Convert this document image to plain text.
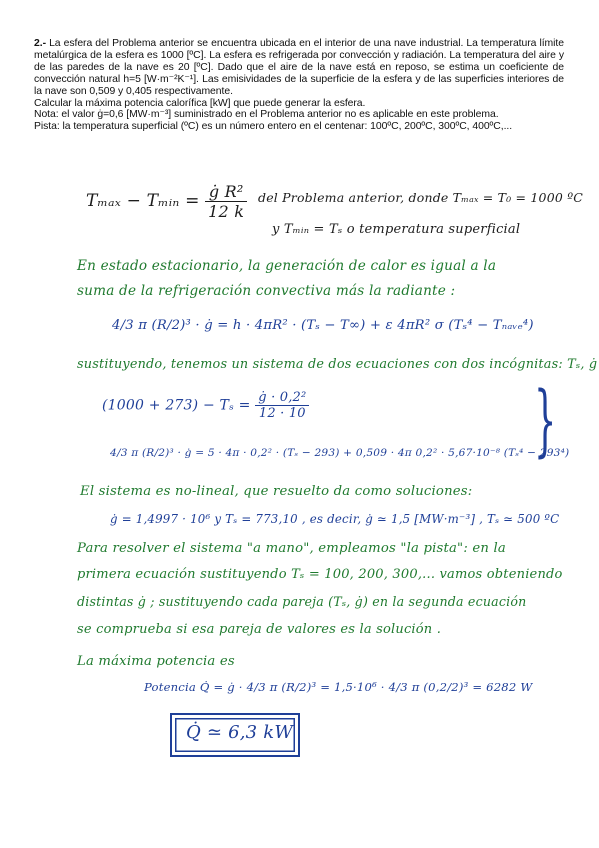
2.- La esfera del Problema anterior se encuentra ubicada en el interior de una nave industrial. La temperatura límite metalúrgica de la esfera es 1000 [ºC]. La esfera es refrigerada por convección y radiación. La temperatura del aire y de las paredes de la nave es 20 [ºC]. Dado que el aire de la nave está en reposo, se estima un coeficiente de convección natural h=5 [W·m⁻²K⁻¹]. Las emisividades de la superficie de la esfera y de las superficies interiores de la nave son 0,509 y 0,405 respectivamente.

Calcular la máxima potencia calorífica [kW] que puede generar la esfera.

Nota: el valor ġ=0,6 [MW·m⁻³] suministrado en el Problema anterior no es aplicable en este problema.

Pista: la temperatura superficial (ºC) es un número entero en el centenar: 100ºC, 200ºC, 300ºC, 400ºC,...

Tₘₐₓ − Tₘᵢₙ = $\frac{\text{ġ R²}}{12 k}$ del Problema anterior, donde Tₘₐₓ = T₀ = 1000 ºC
y Tₘᵢₙ = Tₛ o temperatura superficial
En estado estacionario, la generación de calor es igual a la
suma de la refrigeración convectiva más la radiante :
4/3 π (R/2)³ · ġ = h · 4πR² · (Tₛ − T∞) + ε 4πR² σ (Tₛ⁴ − Tₙₐᵥₑ⁴)
sustituyendo, tenemos un sistema de dos ecuaciones con dos incógnitas: Tₛ, ġ
$(1000 + 273) - T_s = \frac{\text{ġ · 0,2²}}{12 \cdot 10}$
4/3 π (R/2)³ · ġ = 5 · 4π · 0,2² · (Tₛ − 293) + 0,509 · 4π 0,2² · 5,67·10⁻⁸ (Tₛ⁴ − 293⁴)
}
El sistema es no-lineal, que resuelto da como soluciones:
ġ = 1,4997 · 10⁶ y Tₛ = 773,10 , es decir, ġ ≃ 1,5 [MW·m⁻³] , Tₛ ≃ 500 ºC
Para resolver el sistema "a mano", empleamos "la pista": en la
primera ecuación sustituyendo Tₛ = 100, 200, 300,... vamos obteniendo
distintas ġ ; sustituyendo cada pareja (Tₛ, ġ) en la segunda ecuación
se comprueba si esa pareja de valores es la solución .
La máxima potencia es
Potencia Q̇ = ġ · 4/3 π (R/2)³ = 1,5·10⁶ · 4/3 π (0,2/2)³ = 6282 W
Q̇ ≃ 6,3 kW
